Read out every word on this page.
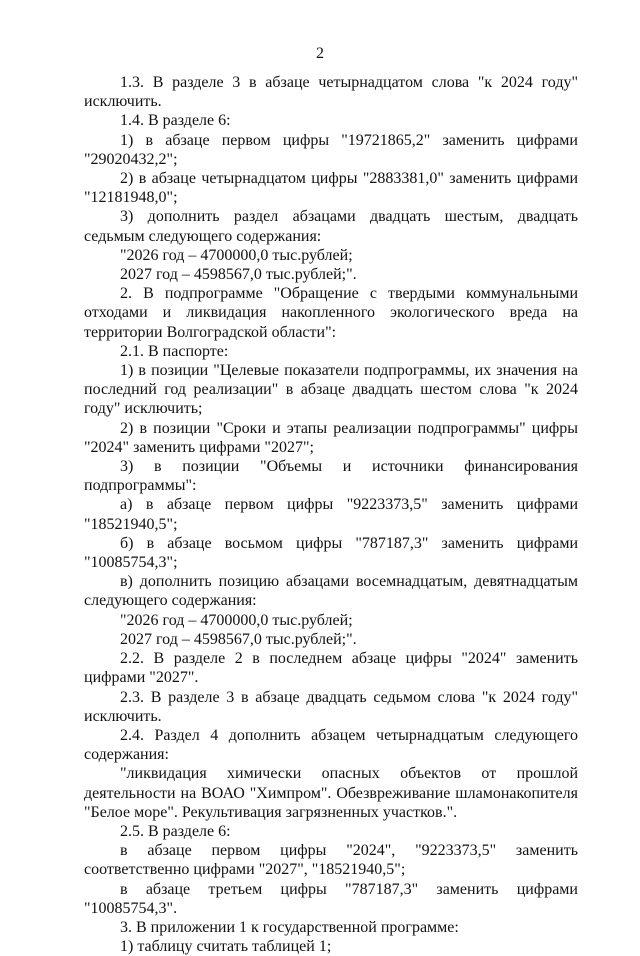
2

1.3. В разделе 3 в абзаце четырнадцатом слова "к 2024 году" исключить.

1.4. В разделе 6:

1) в абзаце первом цифры "19721865,2" заменить цифрами "29020432,2";

2) в абзаце четырнадцатом цифры "2883381,0" заменить цифрами "12181948,0";

3) дополнить раздел абзацами двадцать шестым, двадцать седьмым следующего содержания:

"2026 год – 4700000,0 тыс.рублей;

2027 год – 4598567,0 тыс.рублей;".

2. В подпрограмме "Обращение с твердыми коммунальными отходами и ликвидация накопленного экологического вреда на территории Волгоградской области":

2.1. В паспорте:

1) в позиции "Целевые показатели подпрограммы, их значения на последний год реализации" в абзаце двадцать шестом слова "к 2024 году" исключить;

2) в позиции "Сроки и этапы реализации подпрограммы" цифры "2024" заменить цифрами "2027";

3) в позиции "Объемы и источники финансирования подпрограммы":

а) в абзаце первом цифры "9223373,5" заменить цифрами "18521940,5";

б) в абзаце восьмом цифры "787187,3" заменить цифрами "10085754,3";

в) дополнить позицию абзацами восемнадцатым, девятнадцатым следующего содержания:

"2026 год – 4700000,0 тыс.рублей;

2027 год – 4598567,0 тыс.рублей;".

2.2. В разделе 2 в последнем абзаце цифры "2024" заменить цифрами "2027".

2.3. В разделе 3 в абзаце двадцать седьмом слова "к 2024 году" исключить.

2.4. Раздел 4 дополнить абзацем четырнадцатым следующего содержания:

"ликвидация химически опасных объектов от прошлой деятельности на ВОАО "Химпром". Обезвреживание шламонакопителя "Белое море". Рекультивация загрязненных участков.".

2.5. В разделе 6:

в абзаце первом цифры "2024", "9223373,5" заменить соответственно цифрами "2027", "18521940,5";

в абзаце третьем цифры "787187,3" заменить цифрами "10085754,3".

3. В приложении 1 к государственной программе:

1) таблицу считать таблицей 1;
